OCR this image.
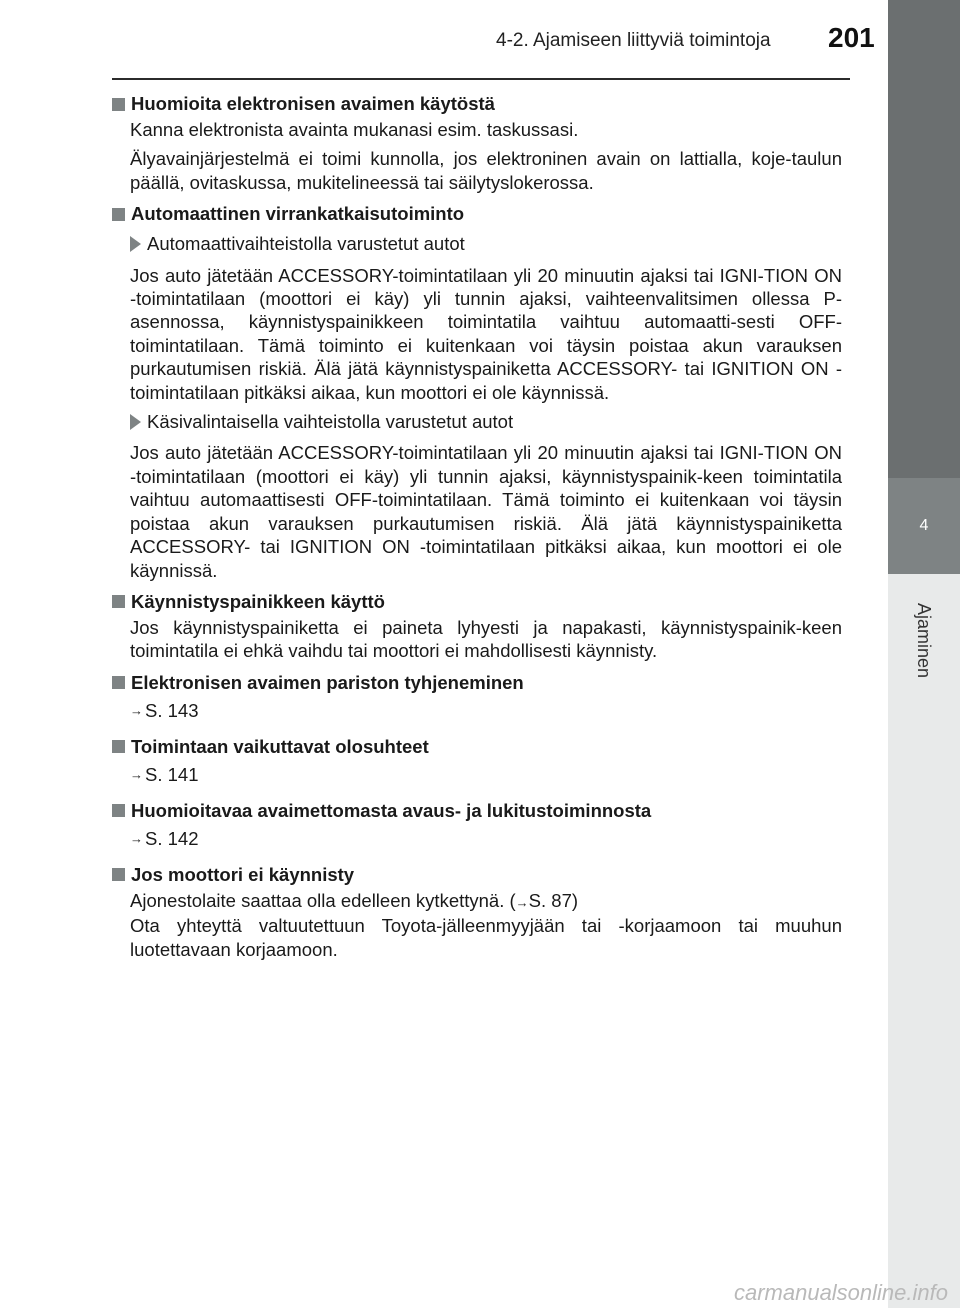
4
Ajaminen
4-2. Ajamiseen liittyviä toimintoja 201
Huomioita elektronisen avaimen käytöstä

Kanna elektronista avainta mukanasi esim. taskussasi.

Älyavainjärjestelmä ei toimi kunnolla, jos elektroninen avain on lattialla, koje-taulun päällä, ovitaskussa, mukitelineessä tai säilytyslokerossa.

Automaattinen virrankatkaisutoiminto
Automaattivaihteistolla varustetut autot

Jos auto jätetään ACCESSORY-toimintatilaan yli 20 minuutin ajaksi tai IGNI-TION ON -toimintatilaan (moottori ei käy) yli tunnin ajaksi, vaihteenvalitsimen ollessa P-asennossa, käynnistyspainikkeen toimintatila vaihtuu automaatti-sesti OFF-toimintatilaan. Tämä toiminto ei kuitenkaan voi täysin poistaa akun varauksen purkautumisen riskiä. Älä jätä käynnistyspainiketta ACCESSORY- tai IGNITION ON -toimintatilaan pitkäksi aikaa, kun moottori ei ole käynnissä.

Käsivalintaisella vaihteistolla varustetut autot

Jos auto jätetään ACCESSORY-toimintatilaan yli 20 minuutin ajaksi tai IGNI-TION ON -toimintatilaan (moottori ei käy) yli tunnin ajaksi, käynnistyspainik-keen toimintatila vaihtuu automaattisesti OFF-toimintatilaan. Tämä toiminto ei kuitenkaan voi täysin poistaa akun varauksen purkautumisen riskiä. Älä jätä käynnistyspainiketta ACCESSORY- tai IGNITION ON -toimintatilaan pitkäksi aikaa, kun moottori ei ole käynnissä.

Käynnistyspainikkeen käyttö

Jos käynnistyspainiketta ei paineta lyhyesti ja napakasti, käynnistyspainik-keen toimintatila ei ehkä vaihdu tai moottori ei mahdollisesti käynnisty.

Elektronisen avaimen pariston tyhjeneminen
→ S. 143
Toimintaan vaikuttavat olosuhteet
→ S. 141
Huomioitavaa avaimettomasta avaus- ja lukitustoiminnosta
→ S. 142
Jos moottori ei käynnisty

Ajonestolaite saattaa olla edelleen kytkettynä. (→S. 87)

Ota yhteyttä valtuutettuun Toyota-jälleenmyyjään tai -korjaamoon tai muuhun luotettavaan korjaamoon.

carmanualsonline.info
